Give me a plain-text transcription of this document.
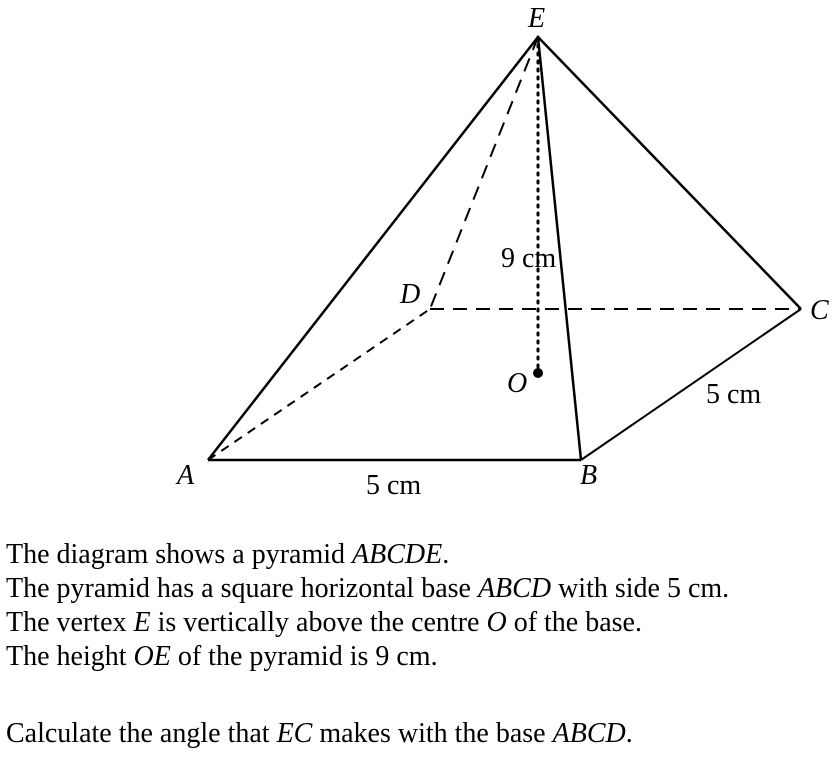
E
D
C
O
A	B
9 cm
5 cm
5 cm

The diagram shows a pyramid ABCDE.

The pyramid has a square horizontal base ABCD with side 5 cm.

The vertex E is vertically above the centre O of the base.

The height OE of the pyramid is 9 cm.

Calculate the angle that EC makes with the base ABCD.
